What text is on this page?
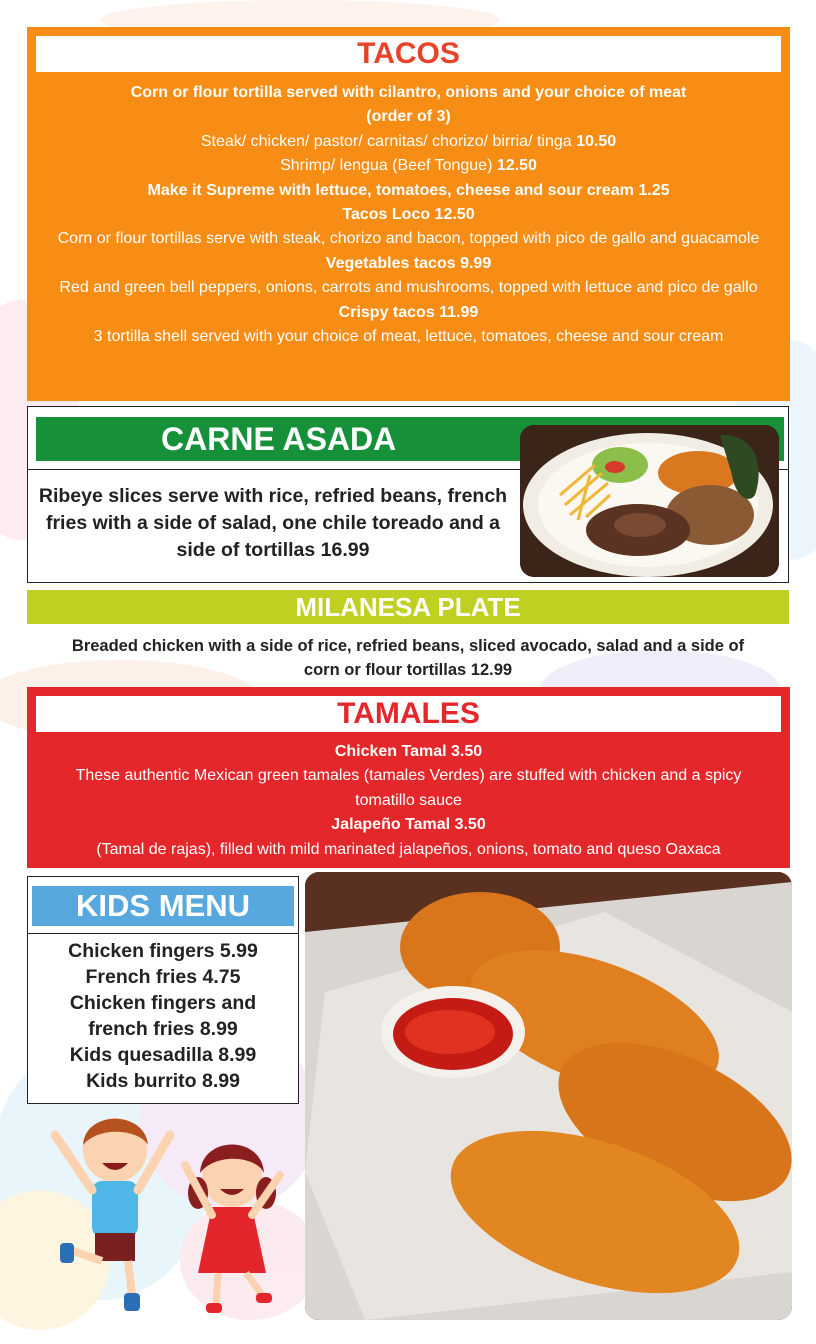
TACOS
Corn or flour tortilla served with cilantro, onions and your choice of meat
(order of 3)
Steak/ chicken/ pastor/ carnitas/ chorizo/ birria/ tinga 10.50
Shrimp/ lengua (Beef Tongue) 12.50
Make it Supreme with lettuce, tomatoes, cheese and sour cream 1.25
Tacos Loco 12.50
Corn or flour tortillas serve with steak, chorizo and bacon, topped with pico de gallo and guacamole
Vegetables tacos 9.99
Red and green bell peppers, onions, carrots and mushrooms, topped with lettuce and pico de gallo
Crispy tacos 11.99
3 tortilla shell served with your choice of meat, lettuce, tomatoes, cheese and sour cream
CARNE ASADA
Ribeye slices serve with rice, refried beans, french fries with a side of salad, one chile toreado and a side of tortillas 16.99
MILANESA PLATE
Breaded chicken with a side of rice, refried beans, sliced avocado, salad and a side of corn or flour tortillas 12.99
TAMALES
Chicken Tamal 3.50
These authentic Mexican green tamales (tamales Verdes) are stuffed with chicken and a spicy tomatillo sauce
Jalapeño Tamal 3.50
(Tamal de rajas), filled with mild marinated jalapeños, onions, tomato and queso Oaxaca
KIDS MENU
Chicken fingers 5.99
French fries 4.75
Chicken fingers and
french fries 8.99
Kids quesadilla 8.99
Kids burrito 8.99
